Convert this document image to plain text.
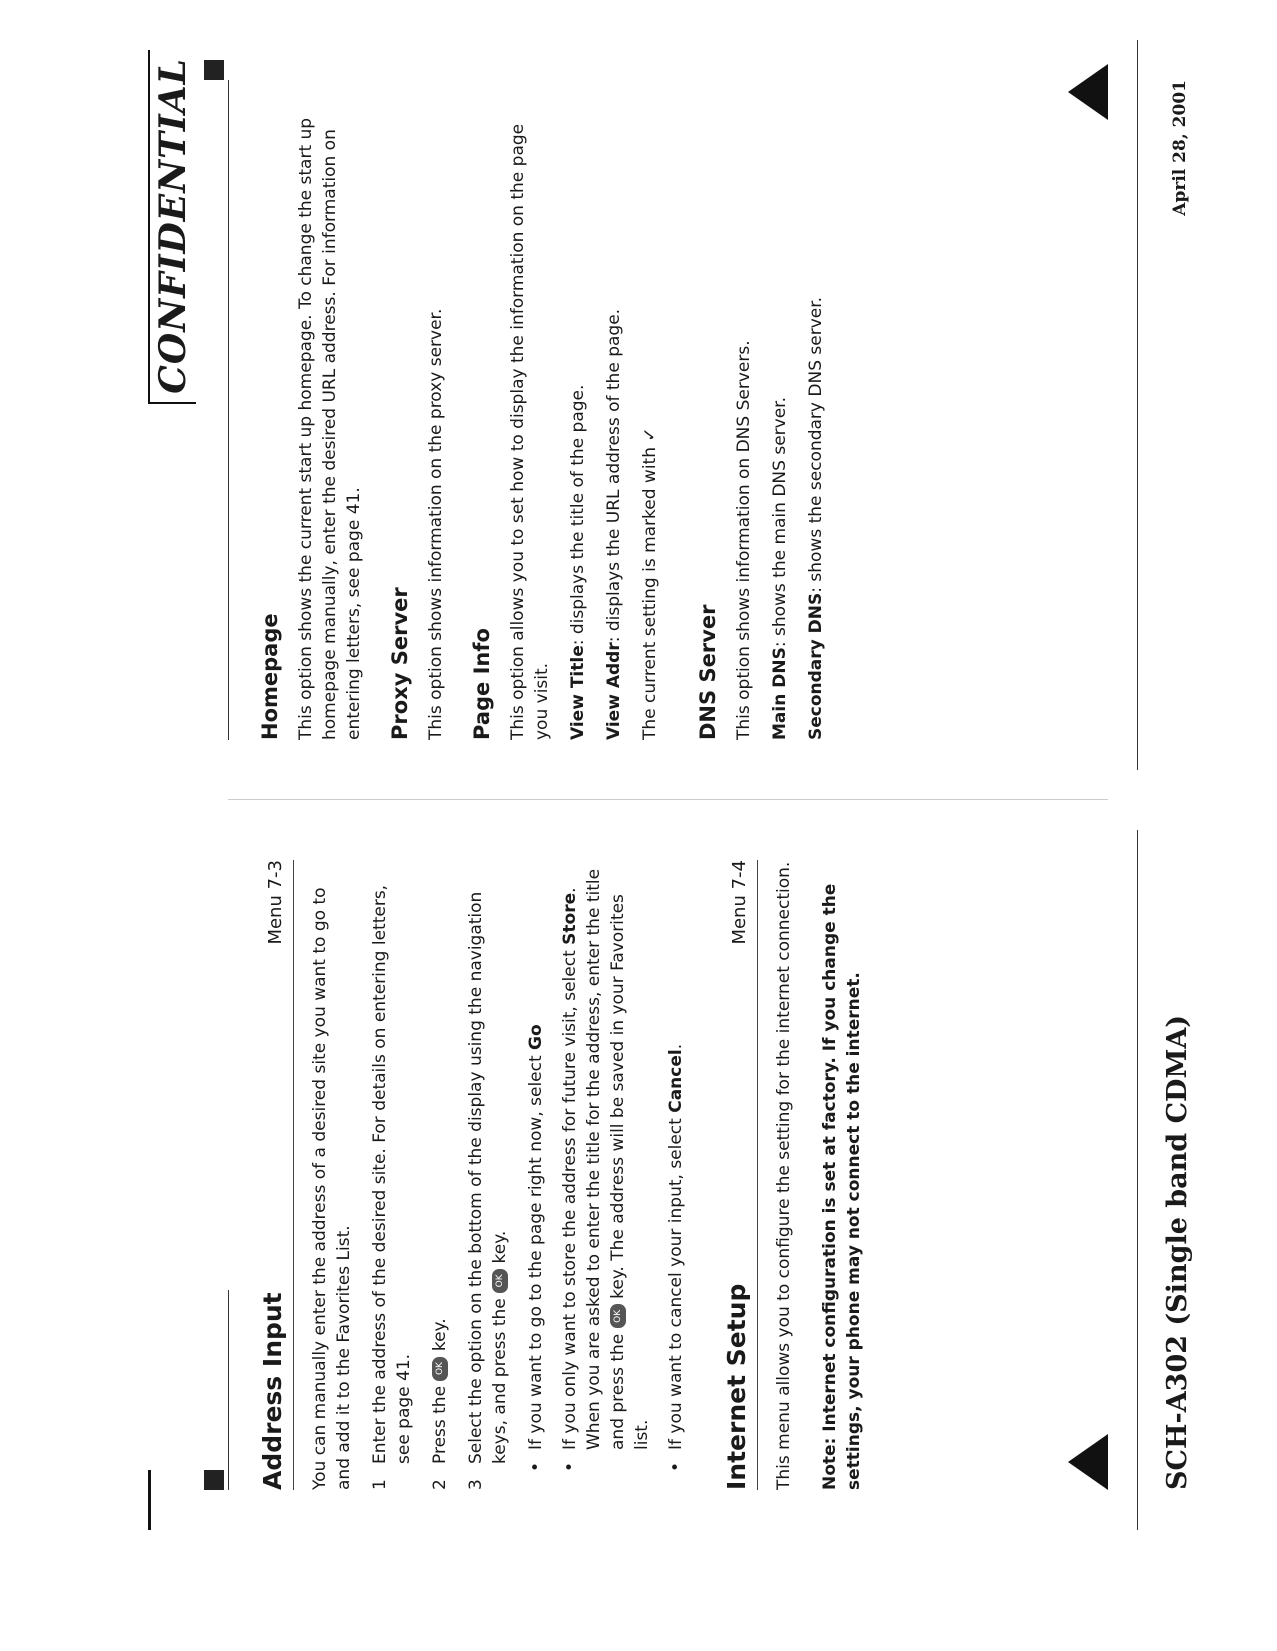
CONFIDENTIAL
Address Input
Menu 7-3 You can manually enter the address of a desired site you want to go to and add it to the Favorites List. 1
Enter the address of the desired site. For details on entering letters, see page 41.
2
Press the OK key.
3
Select the option on the bottom of the display using the navigation keys, and press the OK key.
•
If you want to go to the page right now, select Go
•
If you only want to store the address for future visit, select Store. When you are asked to enter the title for the address, enter the title and press the OK key. The address will be saved in your Favorites list.
•
If you want to cancel your input, select Cancel.
Internet Setup
Menu 7-4 This menu allows you to configure the setting for the internet connection. Note: Internet configuration is set at factory. If you change the settings, your phone may not connect to the internet.

Homepage This option shows the current start up homepage. To change the start up homepage manually, enter the desired URL address. For information on entering letters, see page 41. Proxy Server This option shows information on the proxy server. Page Info This option allows you to set how to display the information on the page you visit. View Title: displays the title of the page.

View Addr: displays the URL address of the page. The current setting is marked with ✓

DNS Server This option shows information on DNS Servers. Main DNS: shows the main DNS server.

Secondary DNS: shows the secondary DNS server.

SCH-A302 (Single band CDMA)
April 28, 2001
